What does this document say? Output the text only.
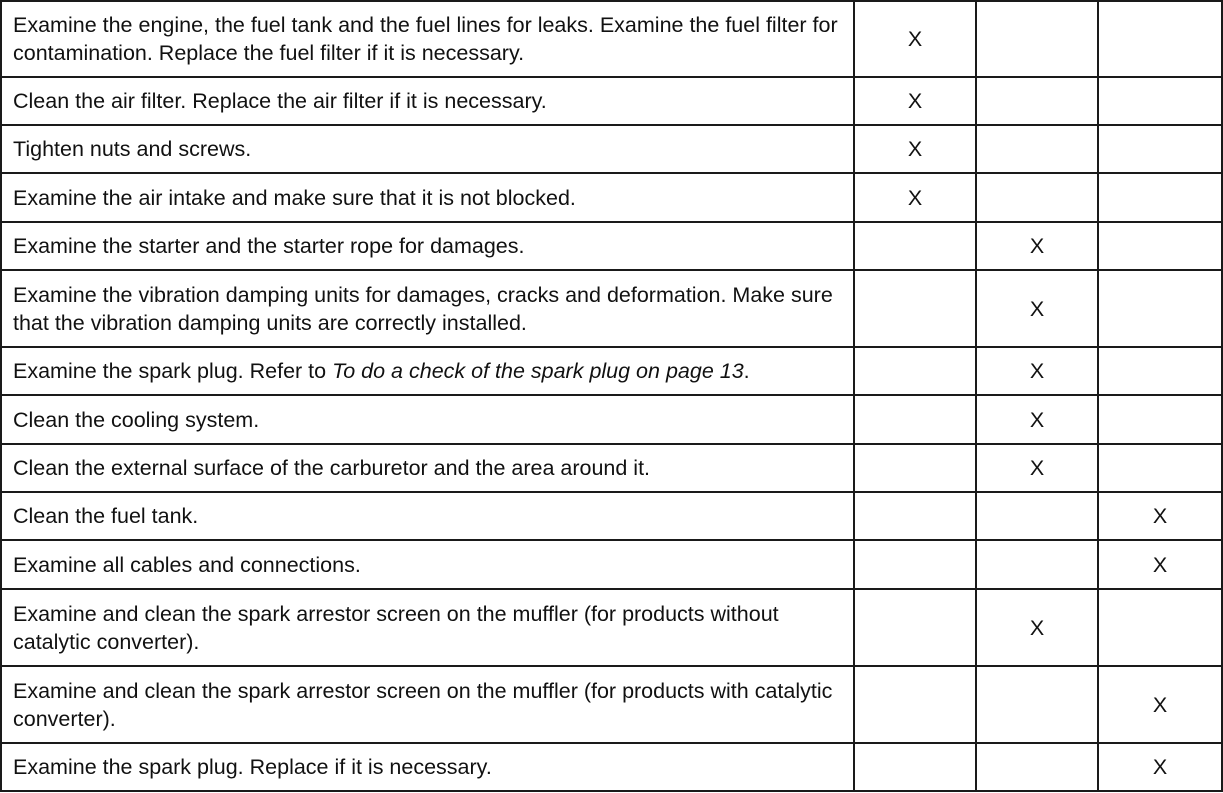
Examine the engine, the fuel tank and the fuel lines for leaks. Examine the fuel filter for contamination. Replace the fuel filter if it is necessary.	X		
Clean the air filter. Replace the air filter if it is necessary.	X		
Tighten nuts and screws.	X		
Examine the air intake and make sure that it is not blocked.	X		
Examine the starter and the starter rope for damages.		X	
Examine the vibration damping units for damages, cracks and deformation. Make sure that the vibration damping units are correctly installed.		X	
Examine the spark plug. Refer to To do a check of the spark plug on page 13.		X	
Clean the cooling system.		X	
Clean the external surface of the carburetor and the area around it.		X	
Clean the fuel tank.			X
Examine all cables and connections.			X
Examine and clean the spark arrestor screen on the muffler (for products without catalytic converter).		X	
Examine and clean the spark arrestor screen on the muffler (for products with catalytic converter).			X
Examine the spark plug. Replace if it is necessary.			X
